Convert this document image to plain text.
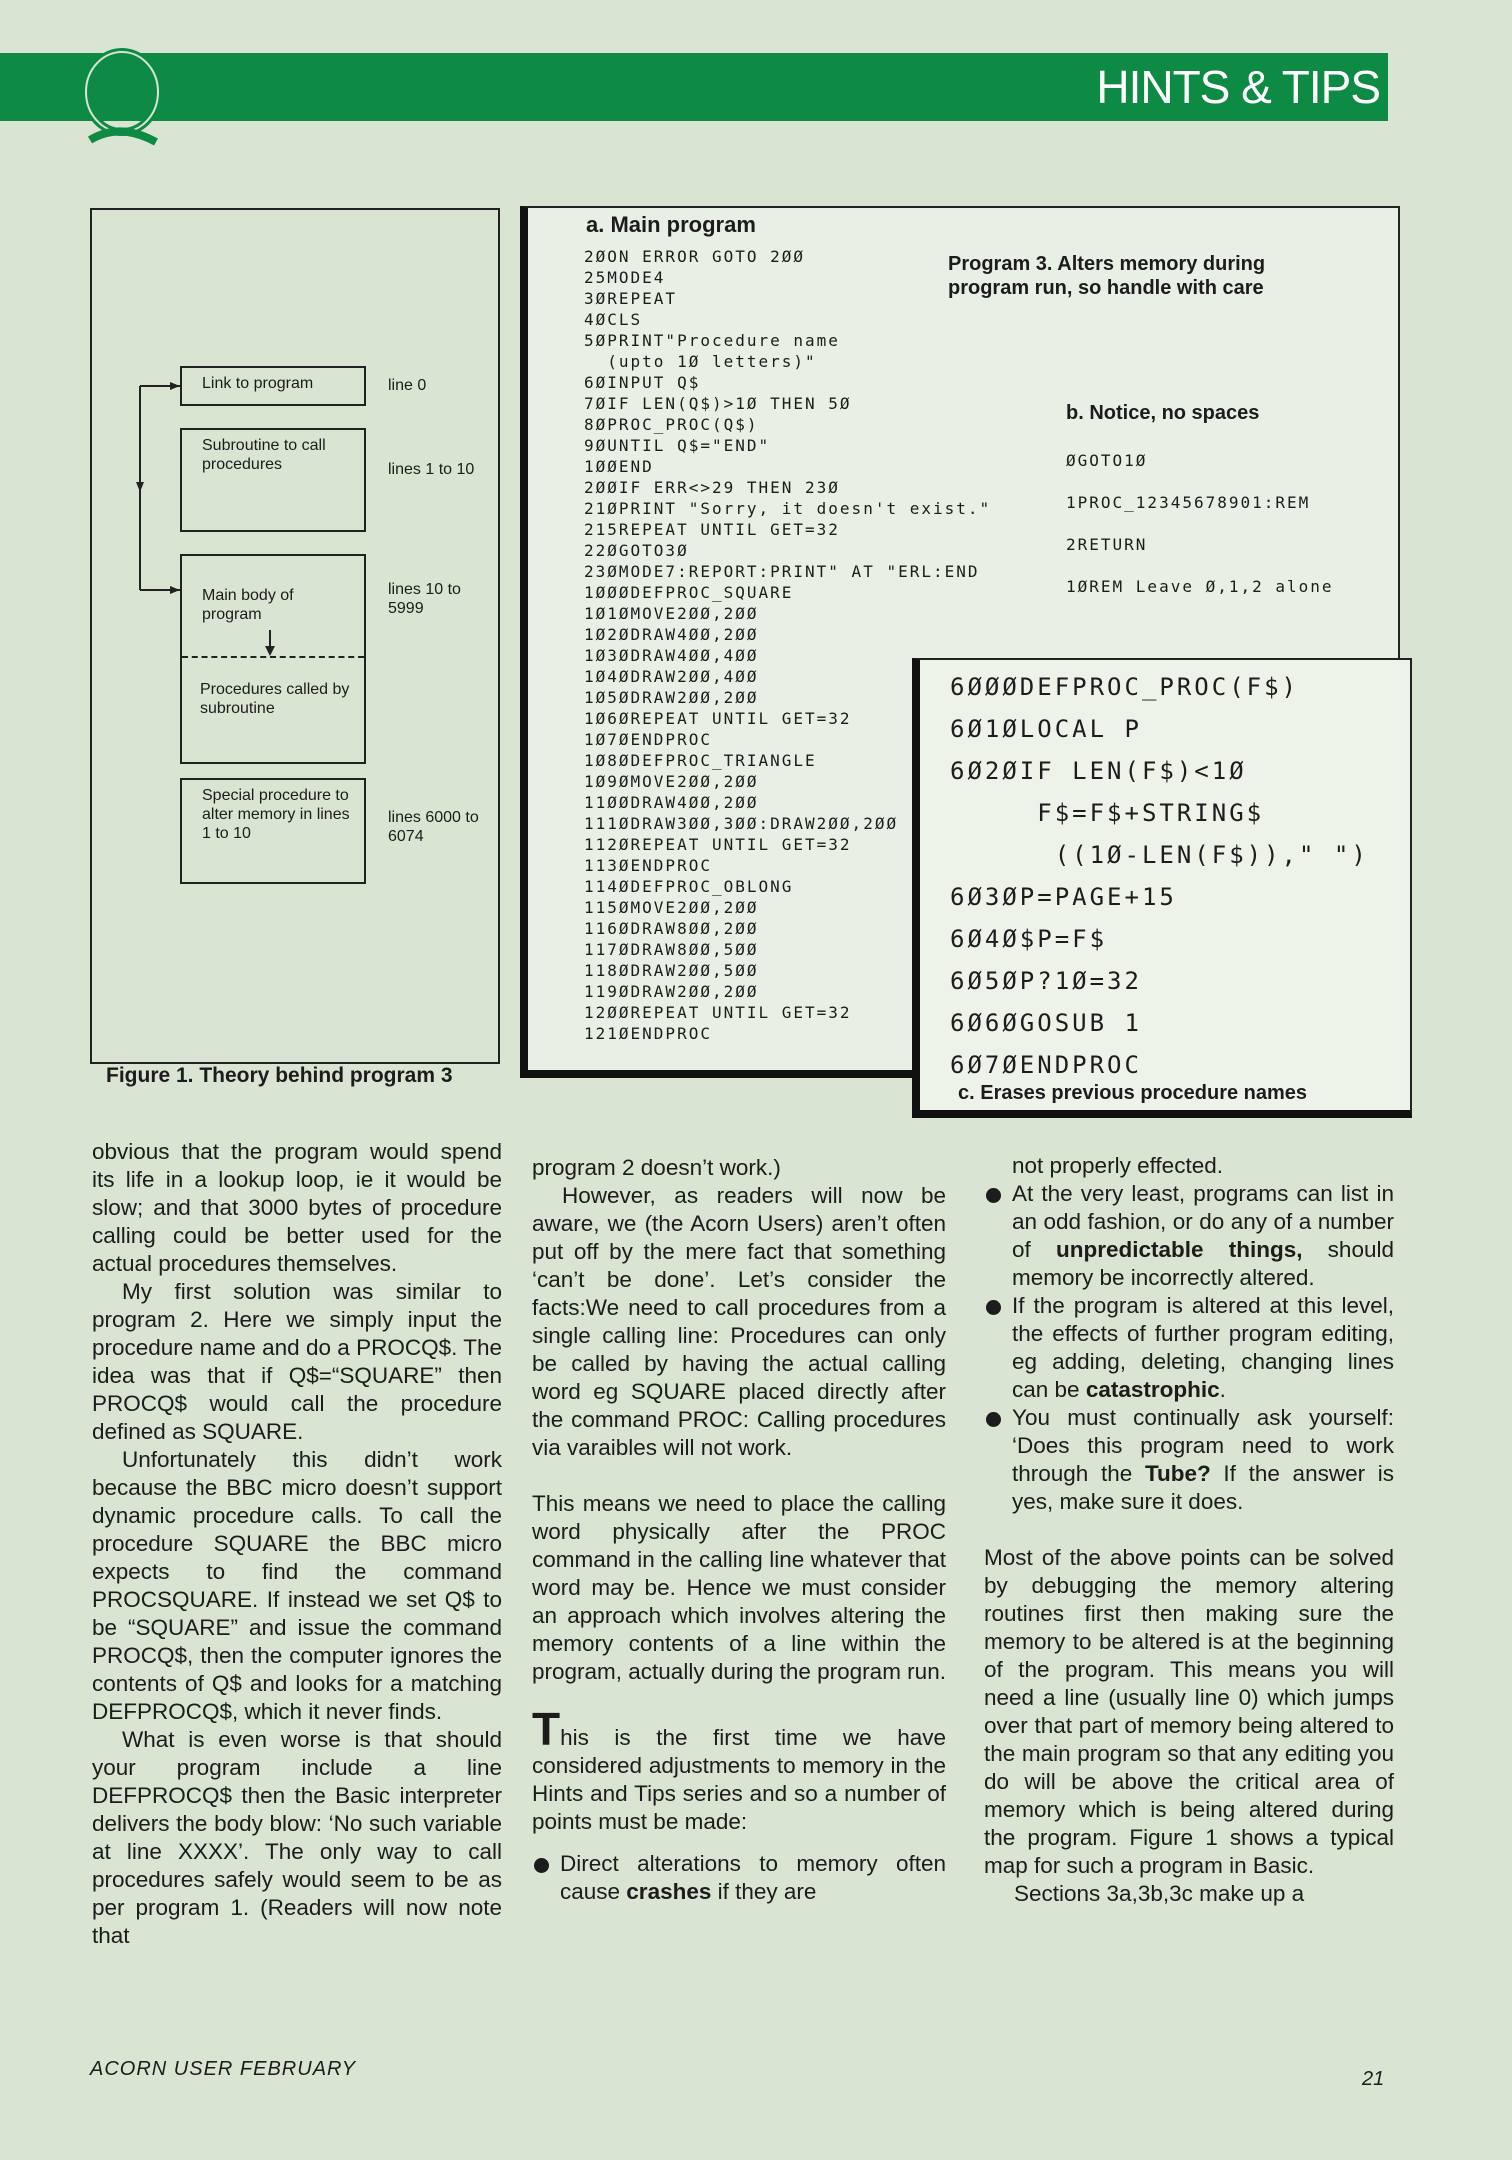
HINTS & TIPS
Link to program	line 0
Subroutine to call procedures	lines 1 to 10
Main body of program
lines 10 to 5999
Procedures called by subroutine
Special procedure to alter memory in lines 1 to 10
lines 6000 to 6074
Figure 1. Theory behind program 3
a. Main program
2ØON ERROR GOTO 2ØØ
25MODE4
3ØREPEAT
4ØCLS
5ØPRINT"Procedure name
(upto 1Ø letters)"
6ØINPUT Q$
7ØIF LEN(Q$)>1Ø THEN 5Ø
8ØPROC_PROC(Q$)
9ØUNTIL Q$="END"
1ØØEND
2ØØIF ERR<>29 THEN 23Ø
21ØPRINT "Sorry, it doesn't exist."
215REPEAT UNTIL GET=32
22ØGOTO3Ø
23ØMODE7:REPORT:PRINT" AT "ERL:END
1ØØØDEFPROC_SQUARE
1Ø1ØMOVE2ØØ,2ØØ
1Ø2ØDRAW4ØØ,2ØØ
1Ø3ØDRAW4ØØ,4ØØ
1Ø4ØDRAW2ØØ,4ØØ
1Ø5ØDRAW2ØØ,2ØØ
1Ø6ØREPEAT UNTIL GET=32
1Ø7ØENDPROC
1Ø8ØDEFPROC_TRIANGLE
1Ø9ØMOVE2ØØ,2ØØ
11ØØDRAW4ØØ,2ØØ
111ØDRAW3ØØ,3ØØ:DRAW2ØØ,2ØØ
112ØREPEAT UNTIL GET=32
113ØENDPROC
114ØDEFPROC_OBLONG
115ØMOVE2ØØ,2ØØ
116ØDRAW8ØØ,2ØØ
117ØDRAW8ØØ,5ØØ
118ØDRAW2ØØ,5ØØ
119ØDRAW2ØØ,2ØØ
12ØØREPEAT UNTIL GET=32
121ØENDPROC
Program 3. Alters memory during program run, so handle with care
b. Notice, no spaces
ØGOTO1Ø
1PROC_12345678901:REM
2RETURN
1ØREM Leave Ø,1,2 alone
6ØØØDEFPROC_PROC(F$)
6Ø1ØLOCAL P
6Ø2ØIF LEN(F$)<1Ø
F$=F$+STRING$
((1Ø-LEN(F$))," ")
6Ø3ØP=PAGE+15
6Ø4Ø$P=F$
6Ø5ØP?1Ø=32
6Ø6ØGOSUB 1
6Ø7ØENDPROC
c. Erases previous procedure names

obvious that the program would spend its life in a lookup loop, ie it would be slow; and that 3000 bytes of procedure calling could be better used for the actual procedures themselves.

My first solution was similar to program 2. Here we simply input the procedure name and do a PROCQ$. The idea was that if Q$=“SQUARE” then PROCQ$ would call the procedure defined as SQUARE.

Unfortunately this didn’t work because the BBC micro doesn’t support dynamic procedure calls. To call the procedure SQUARE the BBC micro expects to find the command PROCSQUARE. If instead we set Q$ to be “SQUARE” and issue the command PROCQ$, then the computer ignores the contents of Q$ and looks for a matching DEFPROCQ$, which it never finds.

What is even worse is that should your program include a line DEFPROCQ$ then the Basic interpreter delivers the body blow: ‘No such variable at line XXXX’. The only way to call procedures safely would seem to be as per program 1. (Readers will now note that

program 2 doesn’t work.)

However, as readers will now be aware, we (the Acorn Users) aren’t often put off by the mere fact that something ‘can’t be done’. Let’s consider the facts:We need to call procedures from a single calling line: Procedures can only be called by having the actual calling word eg SQUARE placed directly after the command PROC: Calling procedures via varaibles will not work.

This means we need to place the calling word physically after the PROC command in the calling line whatever that word may be. Hence we must consider an approach which involves altering the memory contents of a line within the program, actually during the program run.

This is the first time we have considered adjustments to memory in the Hints and Tips series and so a number of points must be made:

Direct alterations to memory often cause crashes if they are

not properly effected.

At the very least, programs can list in an odd fashion, or do any of a number of unpredictable things, should memory be incorrectly altered.

If the program is altered at this level, the effects of further program editing, eg adding, deleting, changing lines can be catastrophic.

You must continually ask yourself: ‘Does this program need to work through the Tube? If the answer is yes, make sure it does.

Most of the above points can be solved by debugging the memory altering routines first then making sure the memory to be altered is at the beginning of the program. This means you will need a line (usually line 0) which jumps over that part of memory being altered to the main program so that any editing you do will be above the critical area of memory which is being altered during the program. Figure 1 shows a typical map for such a program in Basic.

Sections 3a,3b,3c make up a

ACORN USER FEBRUARY	21
